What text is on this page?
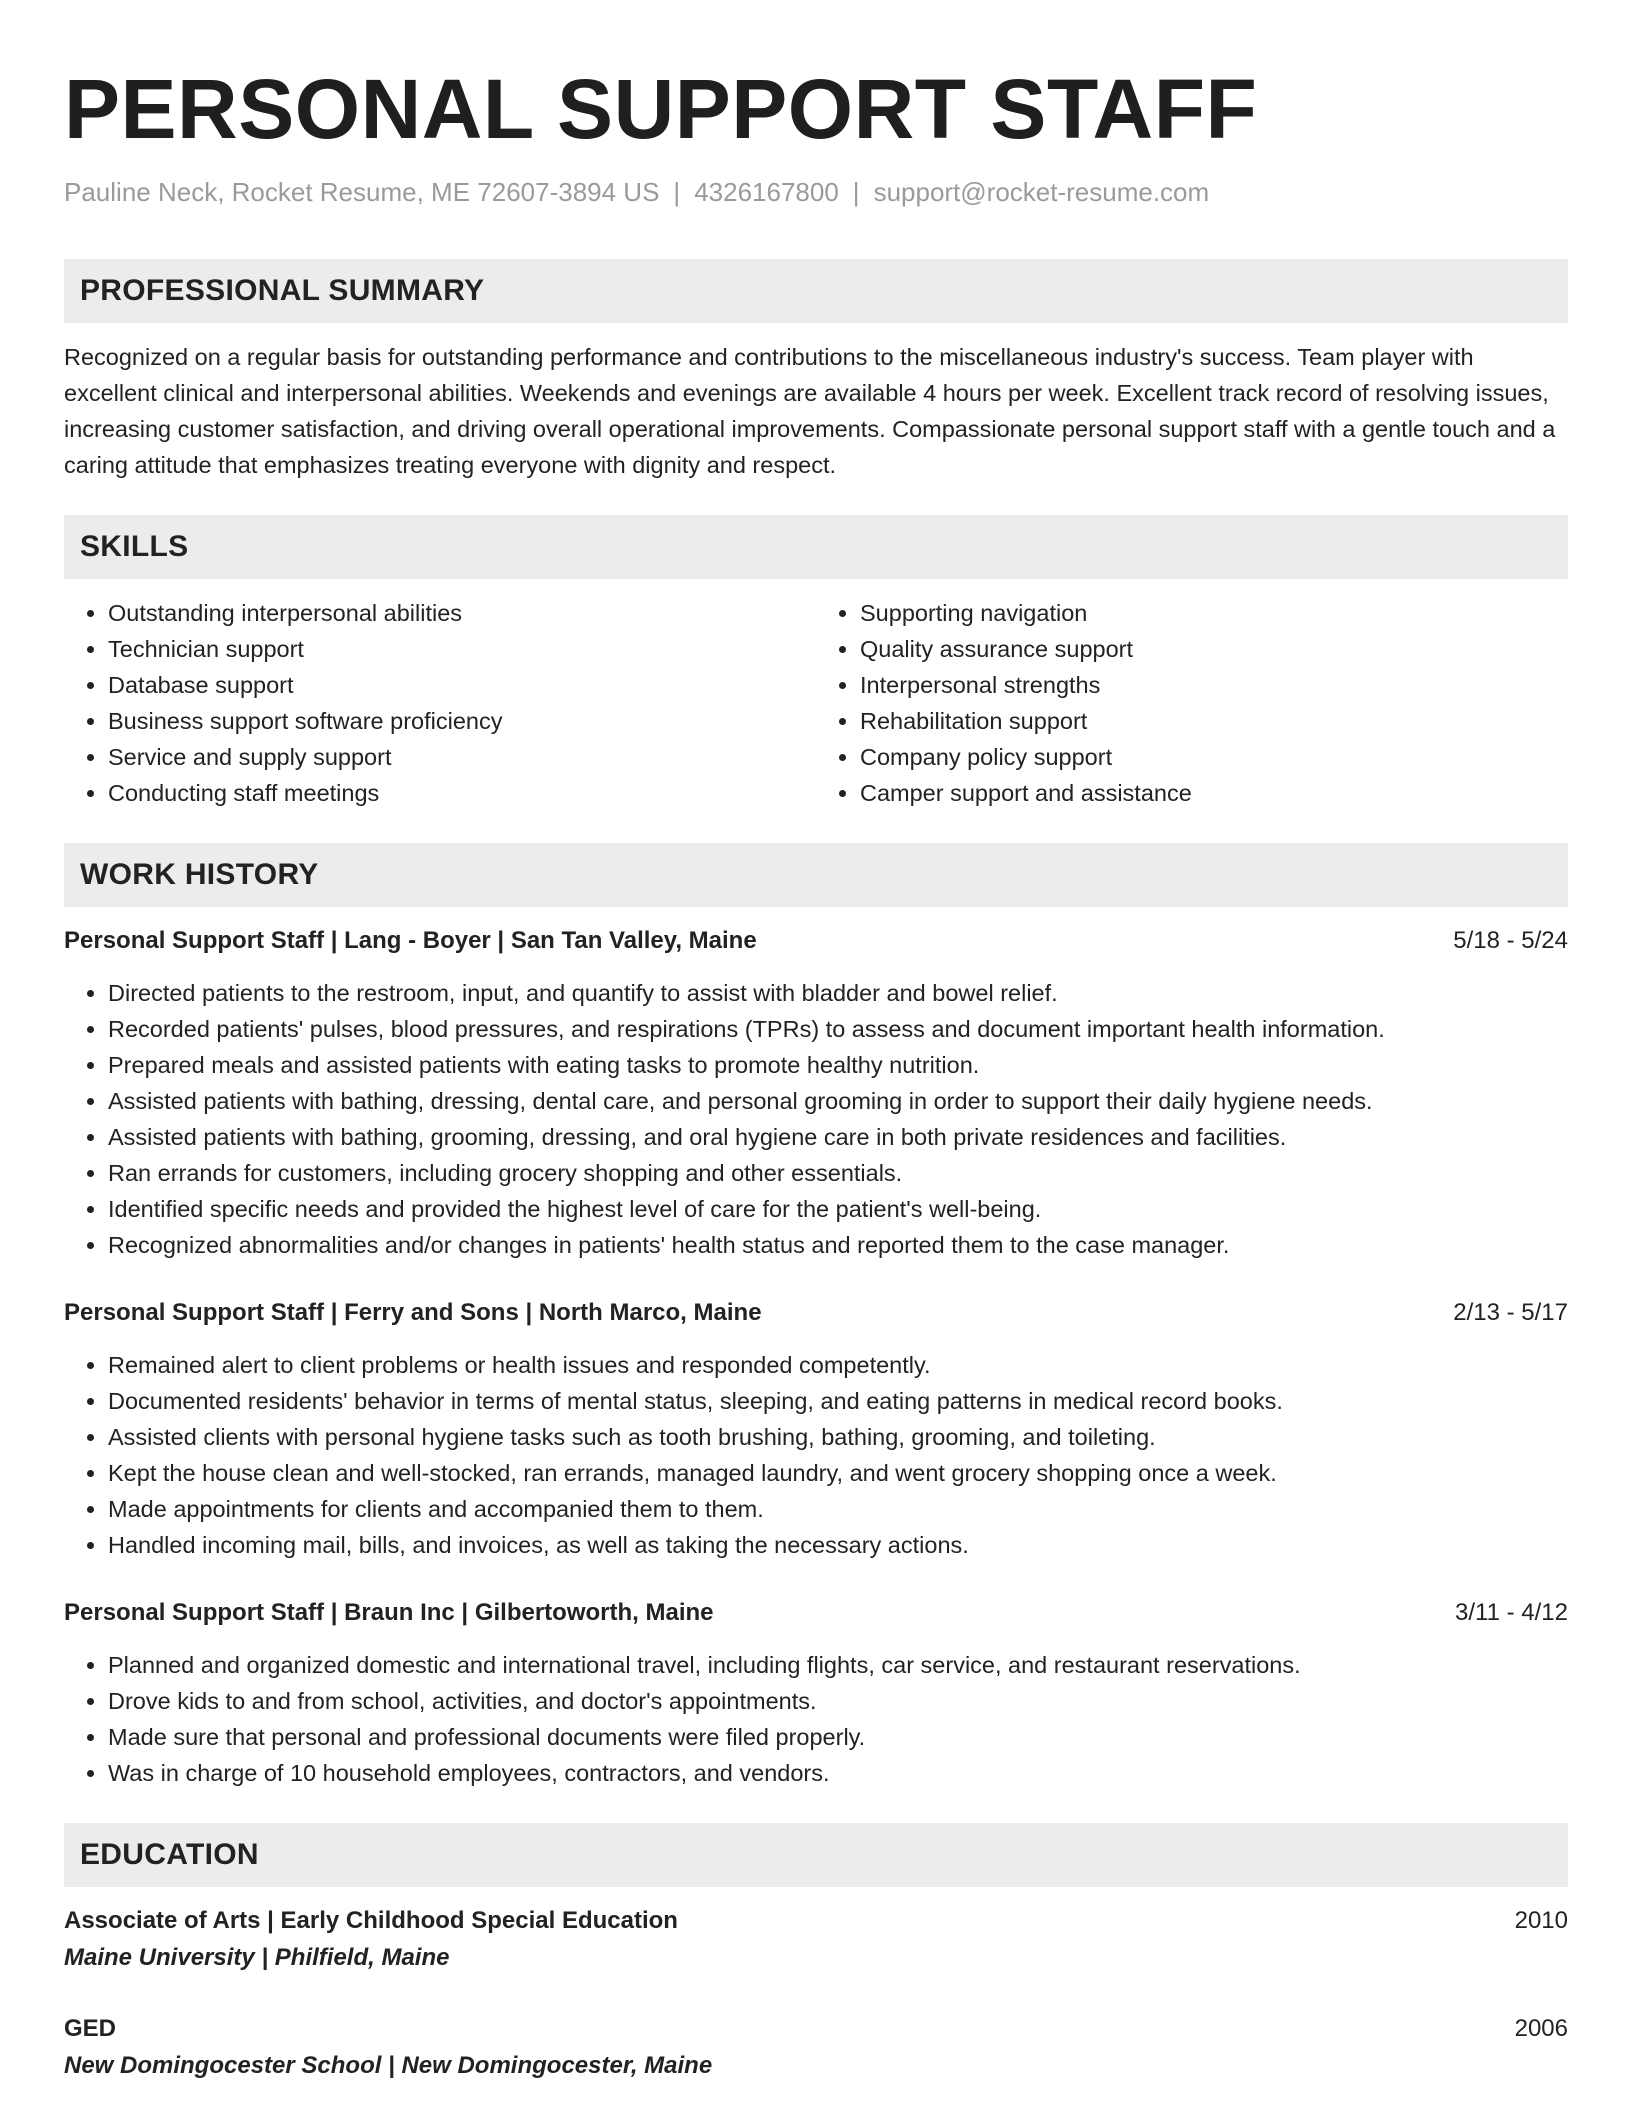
PERSONAL SUPPORT STAFF
Pauline Neck, Rocket Resume, ME 72607-3894 US | 4326167800 | support@rocket-resume.com
PROFESSIONAL SUMMARY

Recognized on a regular basis for outstanding performance and contributions to the miscellaneous industry's success. Team player with excellent clinical and interpersonal abilities. Weekends and evenings are available 4 hours per week. Excellent track record of resolving issues, increasing customer satisfaction, and driving overall operational improvements. Compassionate personal support staff with a gentle touch and a caring attitude that emphasizes treating everyone with dignity and respect.

SKILLS
• Outstanding interpersonal abilities
• Technician support
• Database support
• Business support software proficiency
• Service and supply support
• Conducting staff meetings
• Supporting navigation
• Quality assurance support
• Interpersonal strengths
• Rehabilitation support
• Company policy support
• Camper support and assistance
WORK HISTORY
Personal Support Staff | Lang - Boyer | San Tan Valley, Maine	5/18 - 5/24
• Directed patients to the restroom, input, and quantify to assist with bladder and bowel relief.
• Recorded patients' pulses, blood pressures, and respirations (TPRs) to assess and document important health information.
• Prepared meals and assisted patients with eating tasks to promote healthy nutrition.
• Assisted patients with bathing, dressing, dental care, and personal grooming in order to support their daily hygiene needs.
• Assisted patients with bathing, grooming, dressing, and oral hygiene care in both private residences and facilities.
• Ran errands for customers, including grocery shopping and other essentials.
• Identified specific needs and provided the highest level of care for the patient's well-being.
• Recognized abnormalities and/or changes in patients' health status and reported them to the case manager.
Personal Support Staff | Ferry and Sons | North Marco, Maine	2/13 - 5/17
• Remained alert to client problems or health issues and responded competently.
• Documented residents' behavior in terms of mental status, sleeping, and eating patterns in medical record books.
• Assisted clients with personal hygiene tasks such as tooth brushing, bathing, grooming, and toileting.
• Kept the house clean and well-stocked, ran errands, managed laundry, and went grocery shopping once a week.
• Made appointments for clients and accompanied them to them.
• Handled incoming mail, bills, and invoices, as well as taking the necessary actions.
Personal Support Staff | Braun Inc | Gilbertoworth, Maine	3/11 - 4/12
• Planned and organized domestic and international travel, including flights, car service, and restaurant reservations.
• Drove kids to and from school, activities, and doctor's appointments.
• Made sure that personal and professional documents were filed properly.
• Was in charge of 10 household employees, contractors, and vendors.
EDUCATION
Associate of Arts | Early Childhood Special Education	2010
Maine University | Philfield, Maine
GED	2006
New Domingocester School | New Domingocester, Maine
